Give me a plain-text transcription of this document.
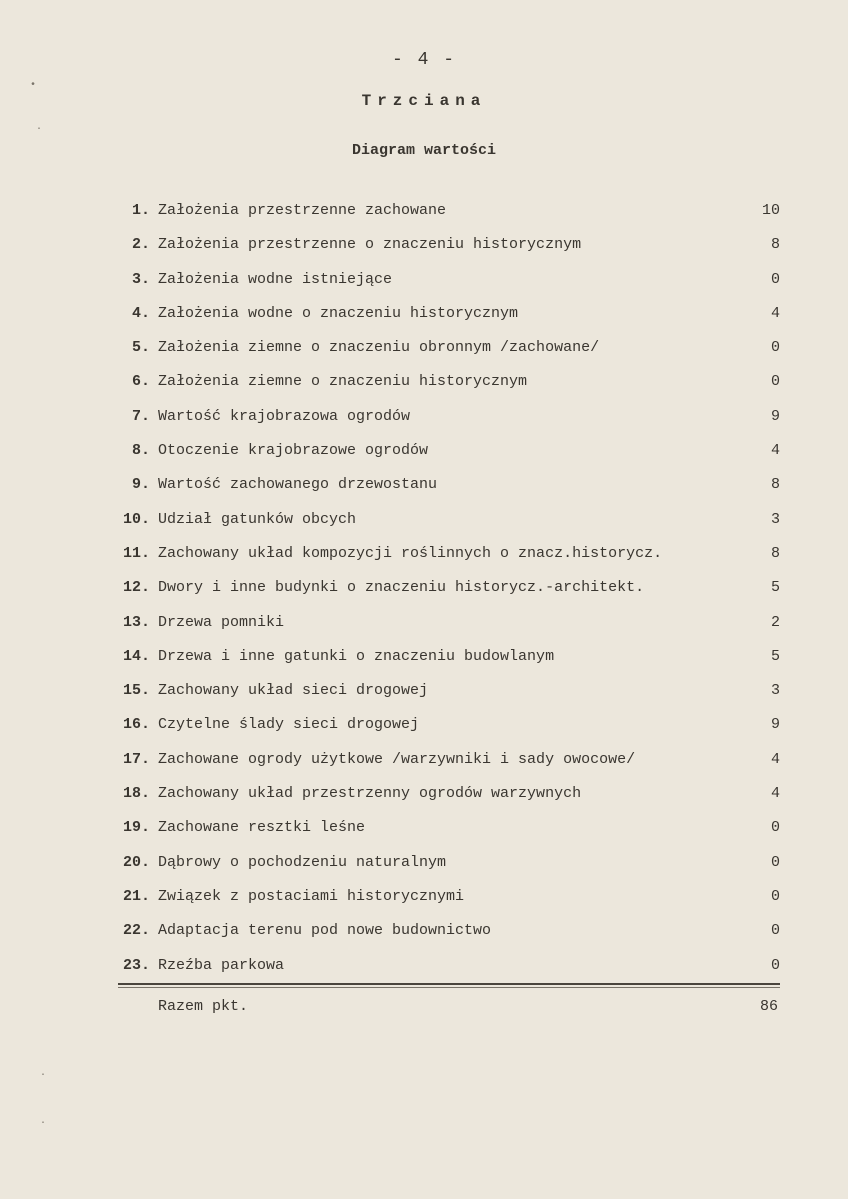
- 4 -
Trzciana
Diagram wartości
1. Założenia przestrzenne zachowane	10
2. Założenia przestrzenne o znaczeniu historycznym	8
3. Założenia wodne istniejące	0
4. Założenia wodne o znaczeniu historycznym	4
5. Założenia ziemne o znaczeniu obronnym /zachowane/	0
6. Założenia ziemne o znaczeniu historycznym	0
7. Wartość krajobrazowa ogrodów	9
8. Otoczenie krajobrazowe ogrodów	4
9. Wartość zachowanego drzewostanu	8
10. Udział gatunków obcych	3
11. Zachowany układ kompozycji roślinnych o znacz.historycz.	8
12. Dwory i inne budynki o znaczeniu historycz.-architekt.	5
13. Drzewa pomniki	2
14. Drzewa i inne gatunki o znaczeniu budowlanym	5
15. Zachowany układ sieci drogowej	3
16. Czytelne ślady sieci drogowej	9
17. Zachowane ogrody użytkowe /warzywniki i sady owocowe/	4
18. Zachowany układ przestrzenny ogrodów warzywnych	4
19. Zachowane resztki leśne	0
20. Dąbrowy o pochodzeniu naturalnym	0
21. Związek z postaciami historycznymi	0
22. Adaptacja terenu pod nowe budownictwo	0
23. Rzeźba parkowa	0
Razem pkt.	86
•
·
·
·
